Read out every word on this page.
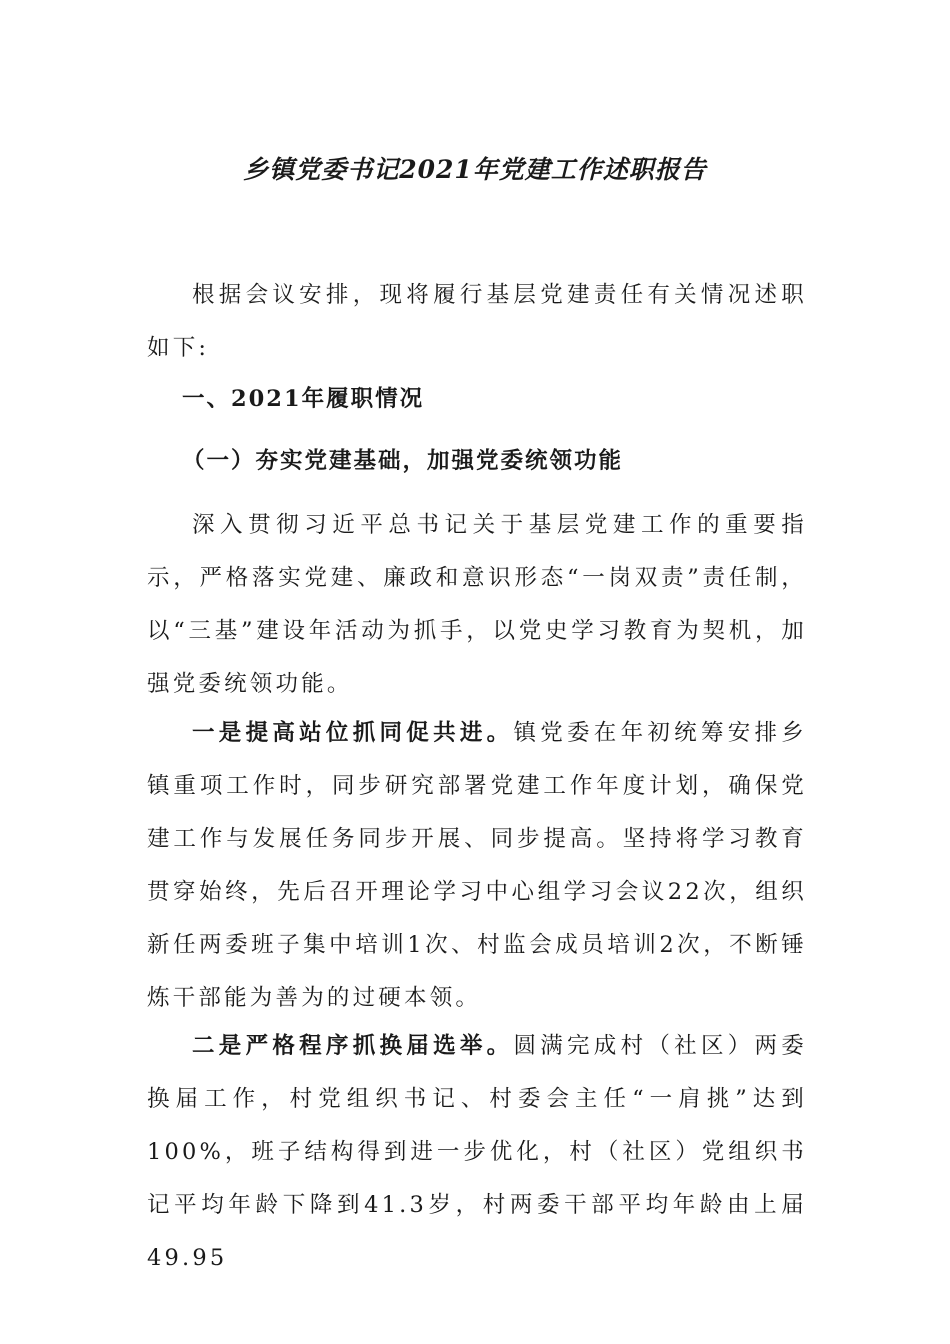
乡镇党委书记2021年党建工作述职报告

根据会议安排，现将履行基层党建责任有关情况述职如下:

一、2021年履职情况

（一）夯实党建基础，加强党委统领功能

深入贯彻习近平总书记关于基层党建工作的重要指示，严格落实党建、廉政和意识形态“一岗双责”责任制，以“三基”建设年活动为抓手，以党史学习教育为契机，加强党委统领功能。

一是提高站位抓同促共进。镇党委在年初统筹安排乡镇重项工作时，同步研究部署党建工作年度计划，确保党建工作与发展任务同步开展、同步提高。坚持将学习教育贯穿始终，先后召开理论学习中心组学习会议22次，组织新任两委班子集中培训1次、村监会成员培训2次，不断锤炼干部能为善为的过硬本领。

二是严格程序抓换届选举。圆满完成村（社区）两委换届工作，村党组织书记、村委会主任“一肩挑”达到100%，班子结构得到进一步优化，村（社区）党组织书记平均年龄下降到41.3岁，村两委干部平均年龄由上届49.95
